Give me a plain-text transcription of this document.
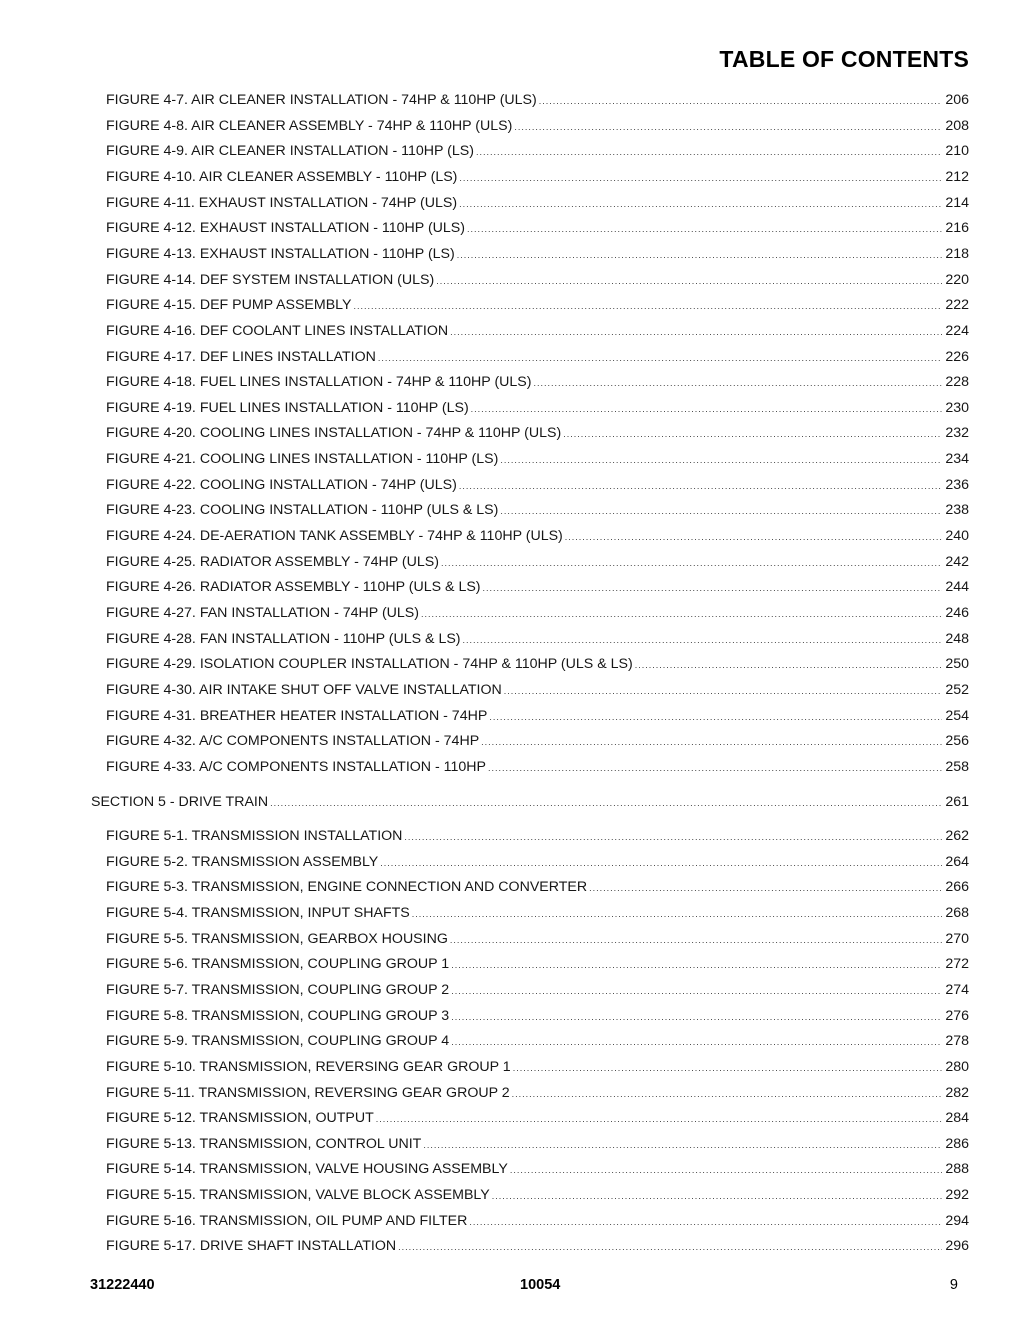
TABLE OF CONTENTS
FIGURE 4-7. AIR CLEANER INSTALLATION - 74HP & 110HP (ULS) .....	206
FIGURE 4-8. AIR CLEANER ASSEMBLY - 74HP & 110HP (ULS) .....	208
FIGURE 4-9. AIR CLEANER INSTALLATION - 110HP (LS) .....	210
FIGURE 4-10. AIR CLEANER ASSEMBLY - 110HP (LS) .....	212
FIGURE 4-11. EXHAUST INSTALLATION - 74HP (ULS) .....	214
FIGURE 4-12. EXHAUST INSTALLATION - 110HP (ULS) .....	216
FIGURE 4-13. EXHAUST INSTALLATION - 110HP (LS) .....	218
FIGURE 4-14. DEF SYSTEM INSTALLATION (ULS) .....	220
FIGURE 4-15. DEF PUMP ASSEMBLY .....	222
FIGURE 4-16. DEF COOLANT LINES INSTALLATION .....	224
FIGURE 4-17. DEF LINES INSTALLATION .....	226
FIGURE 4-18. FUEL LINES INSTALLATION - 74HP & 110HP (ULS) .....	228
FIGURE 4-19. FUEL LINES INSTALLATION - 110HP (LS) .....	230
FIGURE 4-20. COOLING LINES INSTALLATION - 74HP & 110HP (ULS) .....	232
FIGURE 4-21. COOLING LINES INSTALLATION - 110HP (LS) .....	234
FIGURE 4-22. COOLING INSTALLATION - 74HP (ULS) .....	236
FIGURE 4-23. COOLING INSTALLATION - 110HP (ULS & LS) .....	238
FIGURE 4-24. DE-AERATION TANK ASSEMBLY - 74HP & 110HP (ULS) .....	240
FIGURE 4-25. RADIATOR ASSEMBLY - 74HP (ULS) .....	242
FIGURE 4-26. RADIATOR ASSEMBLY - 110HP (ULS & LS) .....	244
FIGURE 4-27. FAN INSTALLATION - 74HP (ULS) .....	246
FIGURE 4-28. FAN INSTALLATION - 110HP (ULS & LS) .....	248
FIGURE 4-29. ISOLATION COUPLER INSTALLATION - 74HP & 110HP (ULS & LS) .....	250
FIGURE 4-30. AIR INTAKE SHUT OFF VALVE INSTALLATION .....	252
FIGURE 4-31. BREATHER HEATER INSTALLATION - 74HP .....	254
FIGURE 4-32. A/C COMPONENTS INSTALLATION - 74HP .....	256
FIGURE 4-33. A/C COMPONENTS INSTALLATION - 110HP .....	258
SECTION 5 - DRIVE TRAIN .....	261
FIGURE 5-1. TRANSMISSION INSTALLATION .....	262
FIGURE 5-2. TRANSMISSION ASSEMBLY .....	264
FIGURE 5-3. TRANSMISSION, ENGINE CONNECTION AND CONVERTER .....	266
FIGURE 5-4. TRANSMISSION, INPUT SHAFTS .....	268
FIGURE 5-5. TRANSMISSION, GEARBOX HOUSING .....	270
FIGURE 5-6. TRANSMISSION, COUPLING GROUP 1 .....	272
FIGURE 5-7. TRANSMISSION, COUPLING GROUP 2 .....	274
FIGURE 5-8. TRANSMISSION, COUPLING GROUP 3 .....	276
FIGURE 5-9. TRANSMISSION, COUPLING GROUP 4 .....	278
FIGURE 5-10. TRANSMISSION, REVERSING GEAR GROUP 1 .....	280
FIGURE 5-11. TRANSMISSION, REVERSING GEAR GROUP 2 .....	282
FIGURE 5-12. TRANSMISSION, OUTPUT .....	284
FIGURE 5-13. TRANSMISSION, CONTROL UNIT .....	286
FIGURE 5-14. TRANSMISSION, VALVE HOUSING ASSEMBLY .....	288
FIGURE 5-15. TRANSMISSION, VALVE BLOCK ASSEMBLY .....	292
FIGURE 5-16. TRANSMISSION, OIL PUMP AND FILTER .....	294
FIGURE 5-17. DRIVE SHAFT INSTALLATION .....	296
31222440	10054	9
